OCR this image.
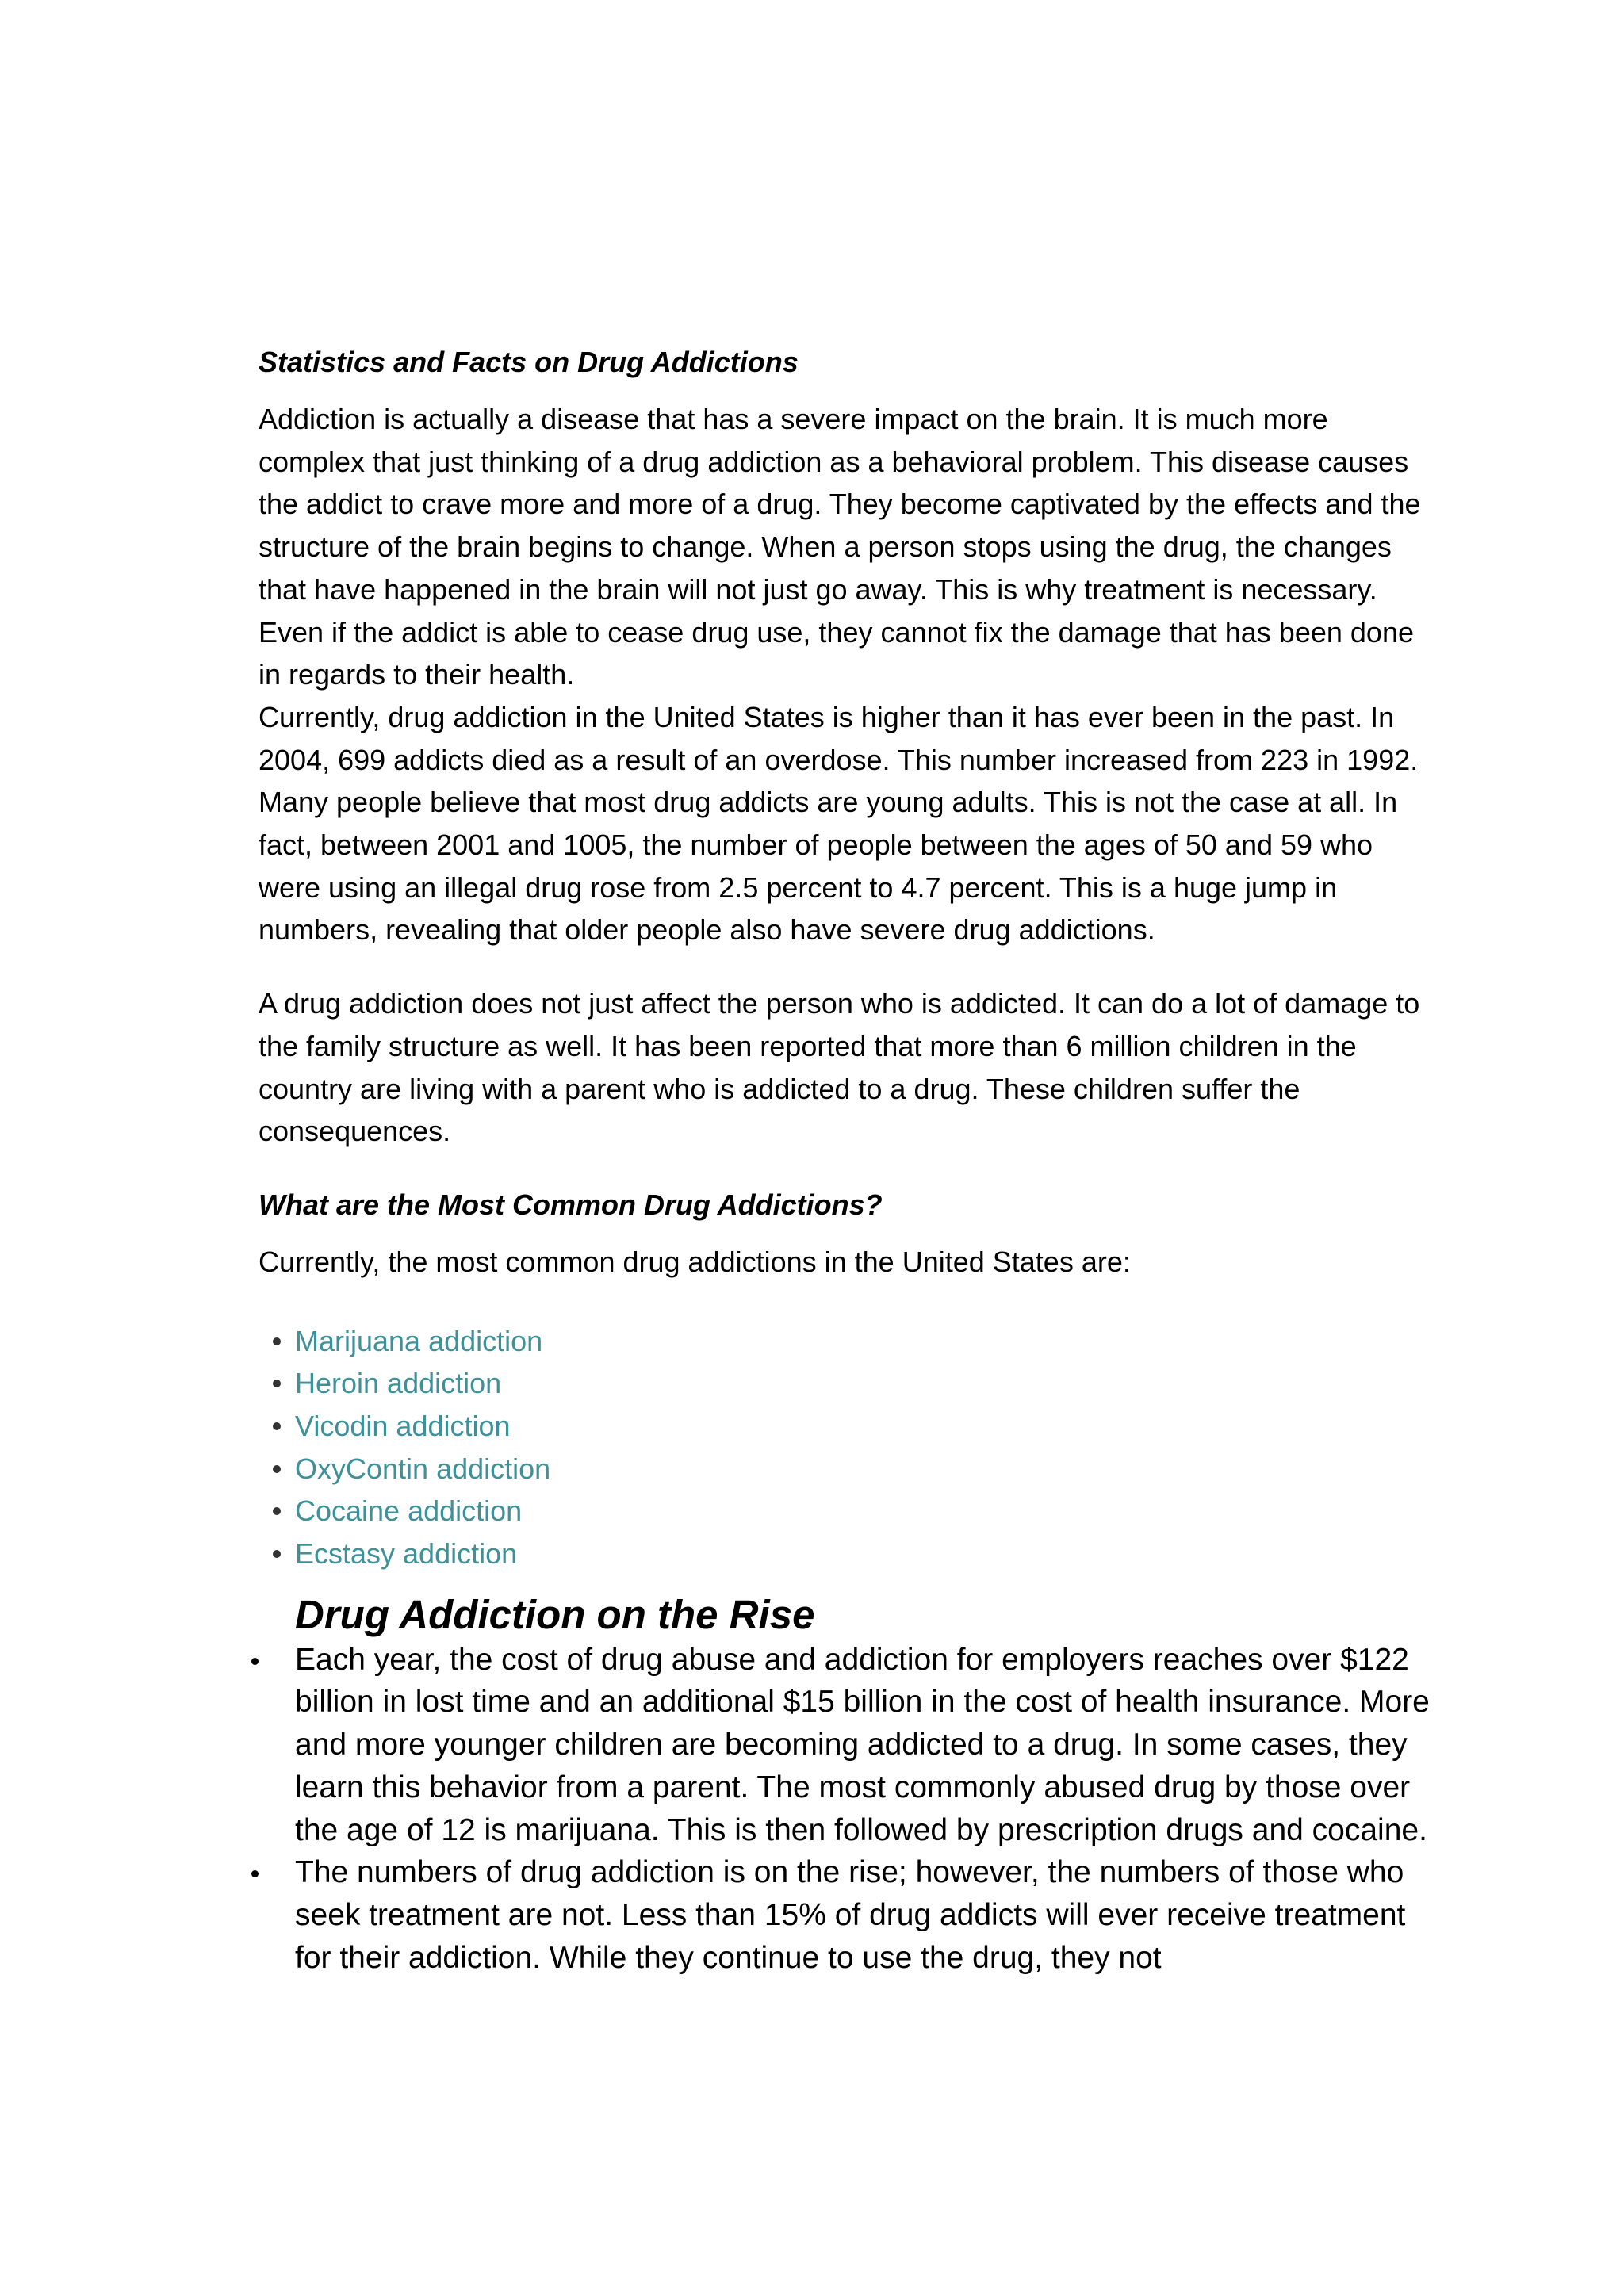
Statistics and Facts on Drug Addictions
Addiction is actually a disease that has a severe impact on the brain. It is much more complex that just thinking of a drug addiction as a behavioral problem. This disease causes the addict to crave more and more of a drug. They become captivated by the effects and the structure of the brain begins to change. When a person stops using the drug, the changes that have happened in the brain will not just go away. This is why treatment is necessary. Even if the addict is able to cease drug use, they cannot fix the damage that has been done in regards to their health.
Currently, drug addiction in the United States is higher than it has ever been in the past. In 2004, 699 addicts died as a result of an overdose. This number increased from 223 in 1992. Many people believe that most drug addicts are young adults. This is not the case at all. In fact, between 2001 and 1005, the number of people between the ages of 50 and 59 who were using an illegal drug rose from 2.5 percent to 4.7 percent. This is a huge jump in numbers, revealing that older people also have severe drug addictions.
A drug addiction does not just affect the person who is addicted. It can do a lot of damage to the family structure as well. It has been reported that more than 6 million children in the country are living with a parent who is addicted to a drug. These children suffer the consequences.
What are the Most Common Drug Addictions?
Currently, the most common drug addictions in the United States are:
Marijuana addiction
Heroin addiction
Vicodin addiction
OxyContin addiction
Cocaine addiction
Ecstasy addiction
Drug Addiction on the Rise
Each year, the cost of drug abuse and addiction for employers reaches over $122 billion in lost time and an additional $15 billion in the cost of health insurance. More and more younger children are becoming addicted to a drug. In some cases, they learn this behavior from a parent. The most commonly abused drug by those over the age of 12 is marijuana. This is then followed by prescription drugs and cocaine.
The numbers of drug addiction is on the rise; however, the numbers of those who seek treatment are not. Less than 15% of drug addicts will ever receive treatment for their addiction. While they continue to use the drug, they not
